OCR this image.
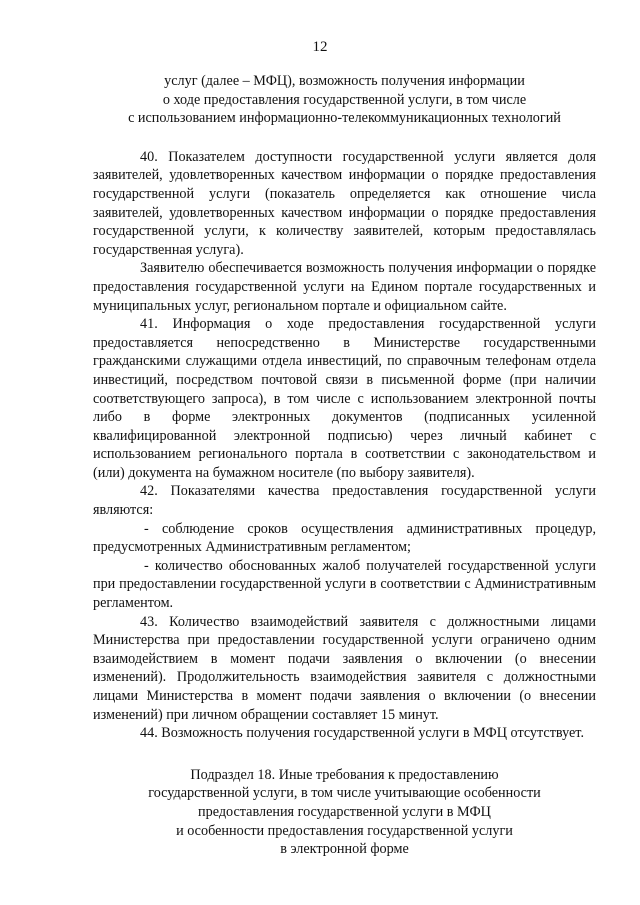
12
услуг (далее – МФЦ), возможность получения информации
о ходе предоставления государственной услуги, в том числе
с использованием информационно-телекоммуникационных технологий

40. Показателем доступности государственной услуги является доля заявителей, удовлетворенных качеством информации о порядке предоставления государственной услуги (показатель определяется как отношение числа заявителей, удовлетворенных качеством информации о порядке предоставления государственной услуги, к количеству заявителей, которым предоставлялась государственная услуга).

Заявителю обеспечивается возможность получения информации о порядке предоставления государственной услуги на Едином портале государственных и муниципальных услуг, региональном портале и официальном сайте.

41. Информация о ходе предоставления государственной услуги предоставляется непосредственно в Министерстве государственными гражданскими служащими отдела инвестиций, по справочным телефонам отдела инвестиций, посредством почтовой связи в письменной форме (при наличии соответствующего запроса), в том числе с использованием электронной почты либо в форме электронных документов (подписанных усиленной квалифицированной электронной подписью) через личный кабинет с использованием регионального портала в соответствии с законодательством и (или) документа на бумажном носителе (по выбору заявителя).

42. Показателями качества предоставления государственной услуги являются:

- соблюдение сроков осуществления административных процедур, предусмотренных Административным регламентом;

- количество обоснованных жалоб получателей государственной услуги при предоставлении государственной услуги в соответствии с Административным регламентом.

43. Количество взаимодействий заявителя с должностными лицами Министерства при предоставлении государственной услуги ограничено одним взаимодействием в момент подачи заявления о включении (о внесении изменений). Продолжительность взаимодействия заявителя с должностными лицами Министерства в момент подачи заявления о включении (о внесении изменений) при личном обращении составляет 15 минут.

44. Возможность получения государственной услуги в МФЦ отсутствует.

Подраздел 18. Иные требования к предоставлению
государственной услуги, в том числе учитывающие особенности
предоставления государственной услуги в МФЦ
и особенности предоставления государственной услуги
в электронной форме
